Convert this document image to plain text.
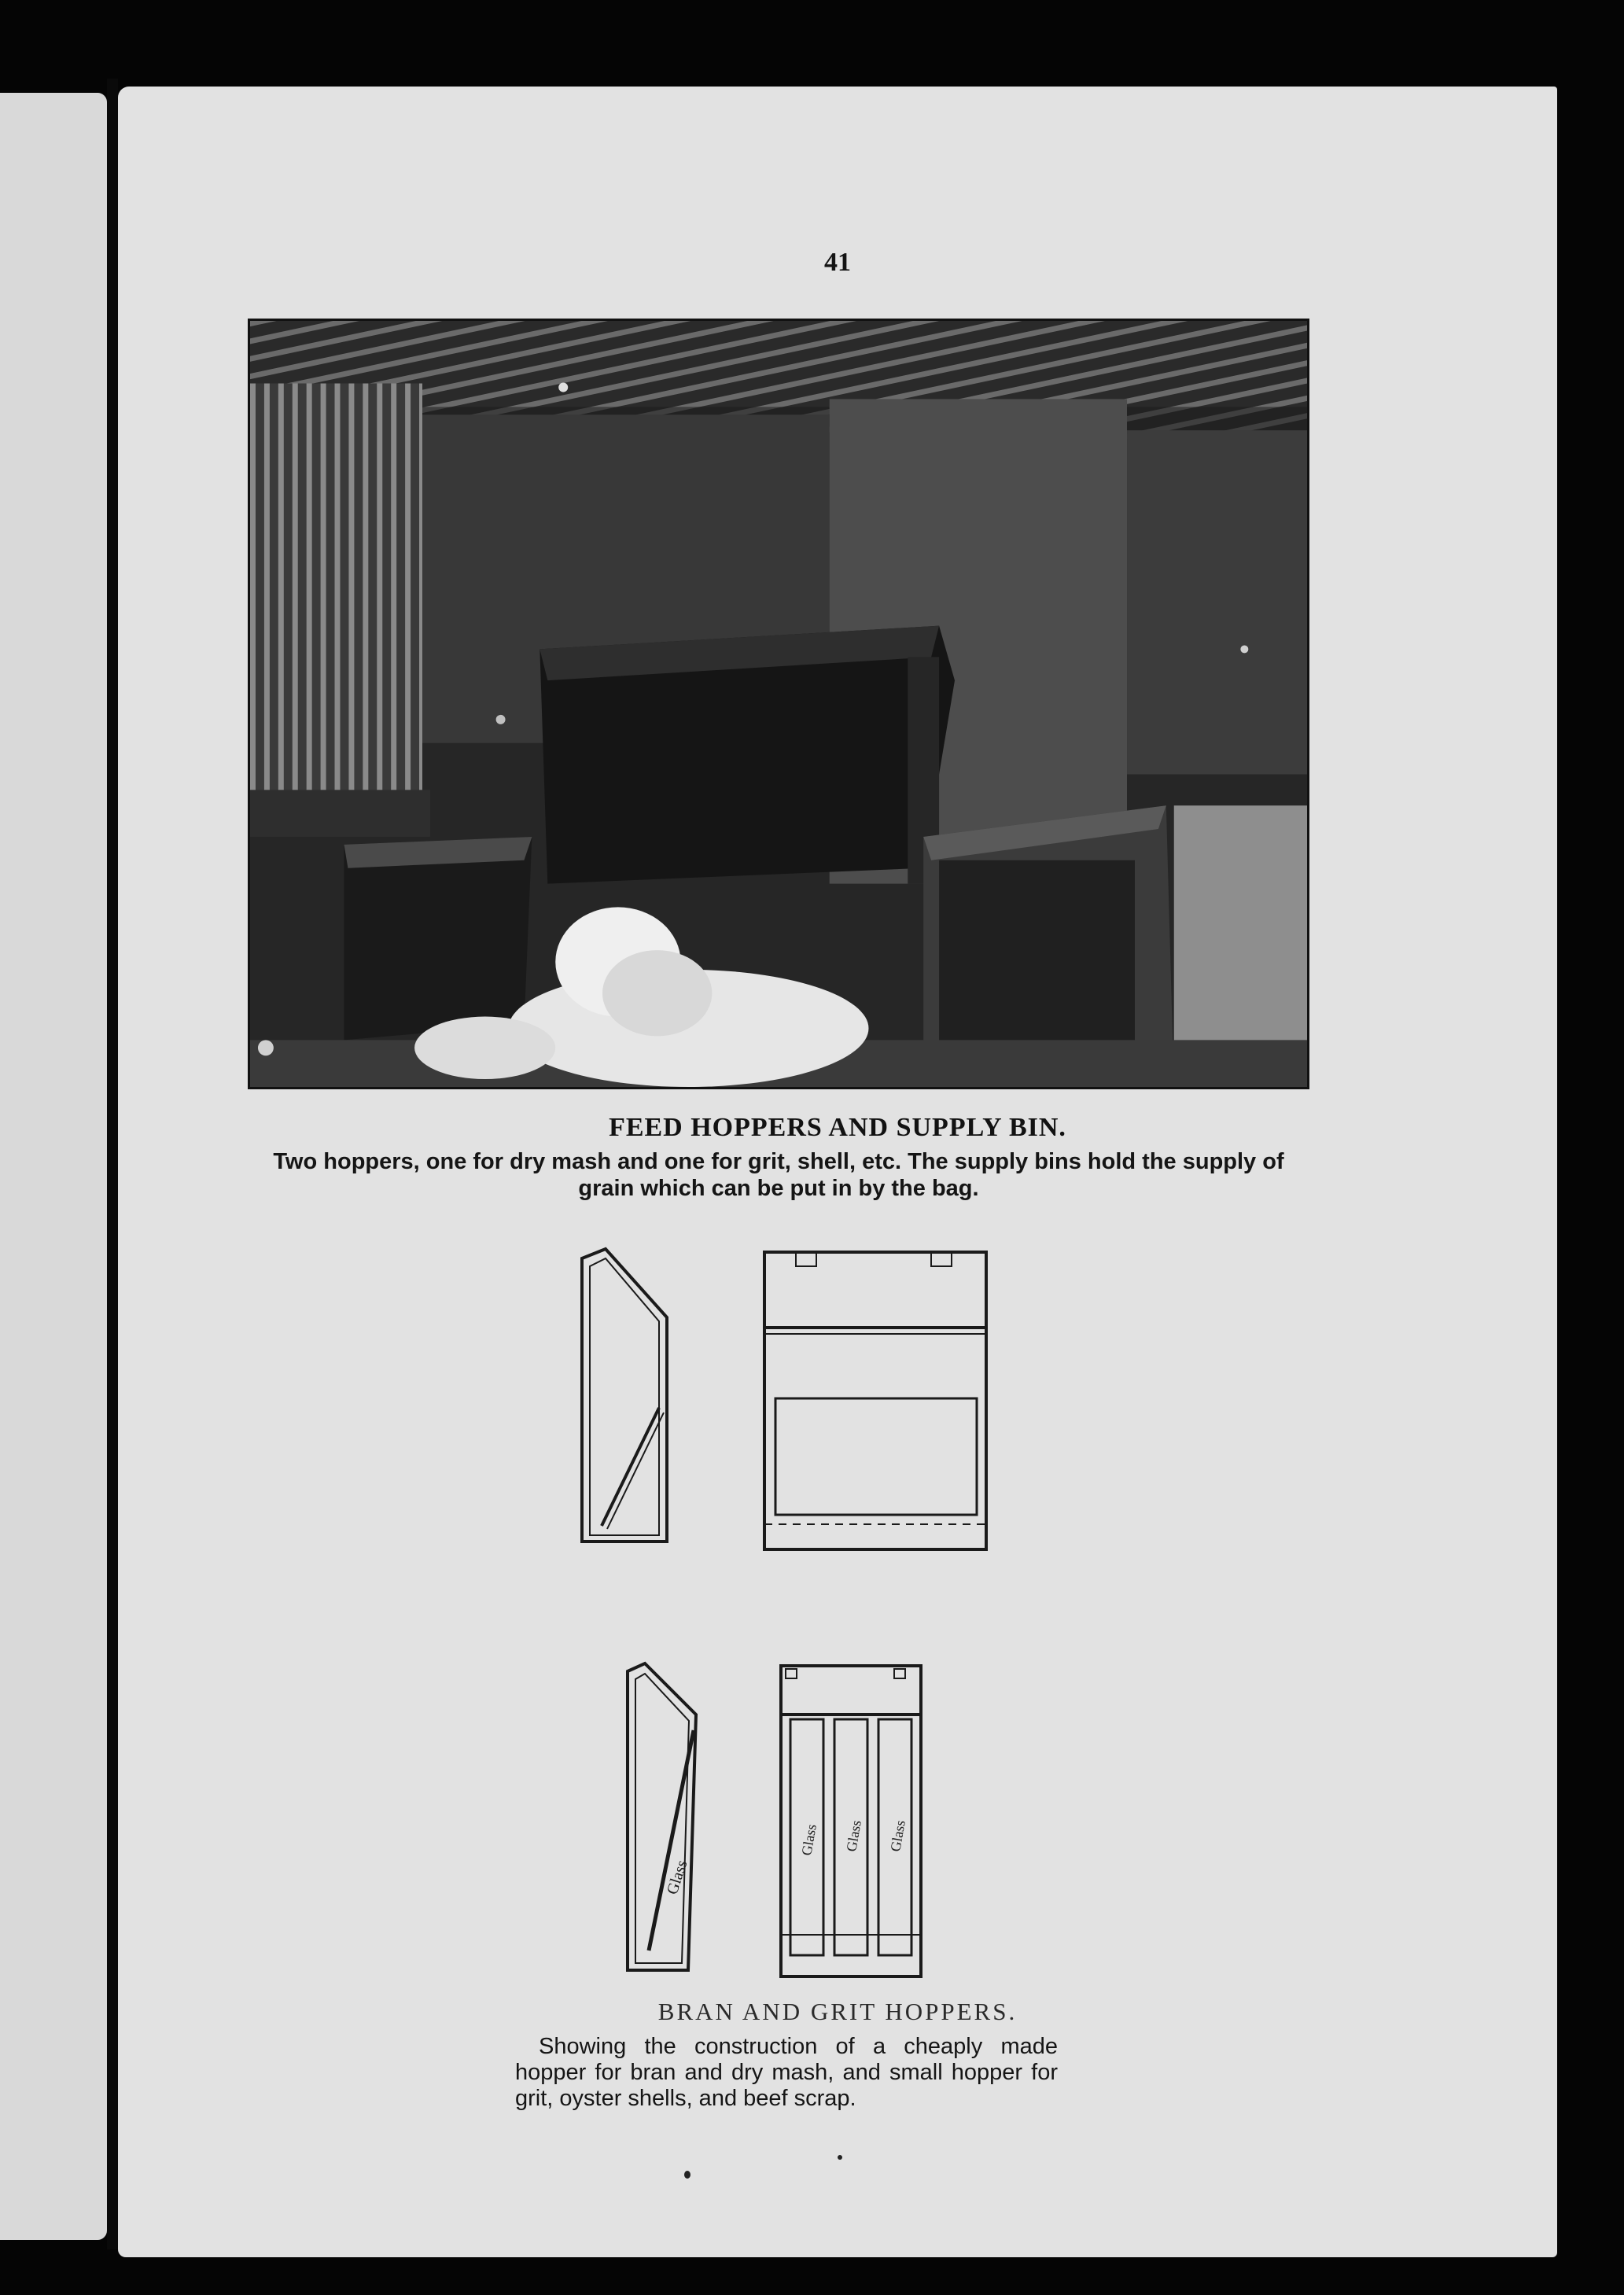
41
FEED HOPPERS AND SUPPLY BIN.
Two hoppers, one for dry mash and one for grit, shell, etc. The supply bins hold the supply of grain which can be put in by the bag.
Glass
Glass Glass Glass
BRAN AND GRIT HOPPERS.
Showing the construction of a cheaply made hopper for bran and dry mash, and small hopper for grit, oyster shells, and beef scrap.
